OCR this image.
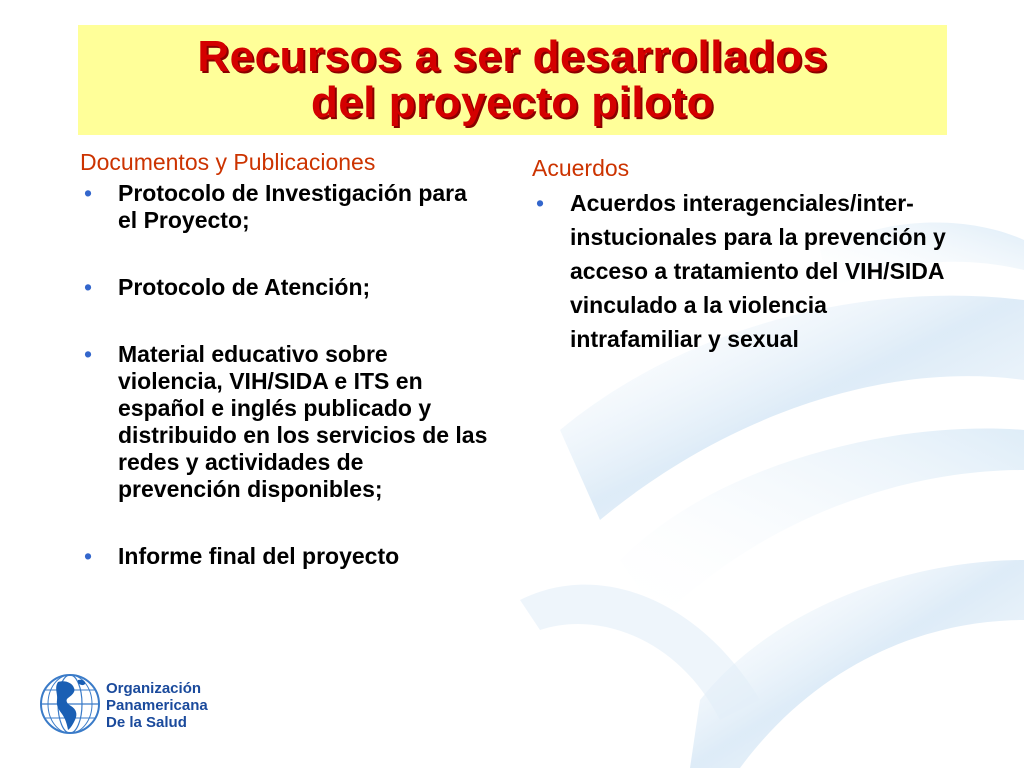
Recursos a ser desarrollados
del proyecto piloto
Documentos y Publicaciones
• Protocolo de Investigación para el Proyecto;
• Protocolo de Atención;
• Material educativo sobre violencia, VIH/SIDA e ITS en español e inglés publicado y distribuido en los servicios de las redes y actividades de prevención disponibles;
• Informe final del proyecto
Acuerdos
• Acuerdos interagenciales/inter-instucionales para la prevención y acceso a tratamiento del VIH/SIDA vinculado a la violencia intrafamiliar y sexual
Organización
Panamericana
De la Salud
